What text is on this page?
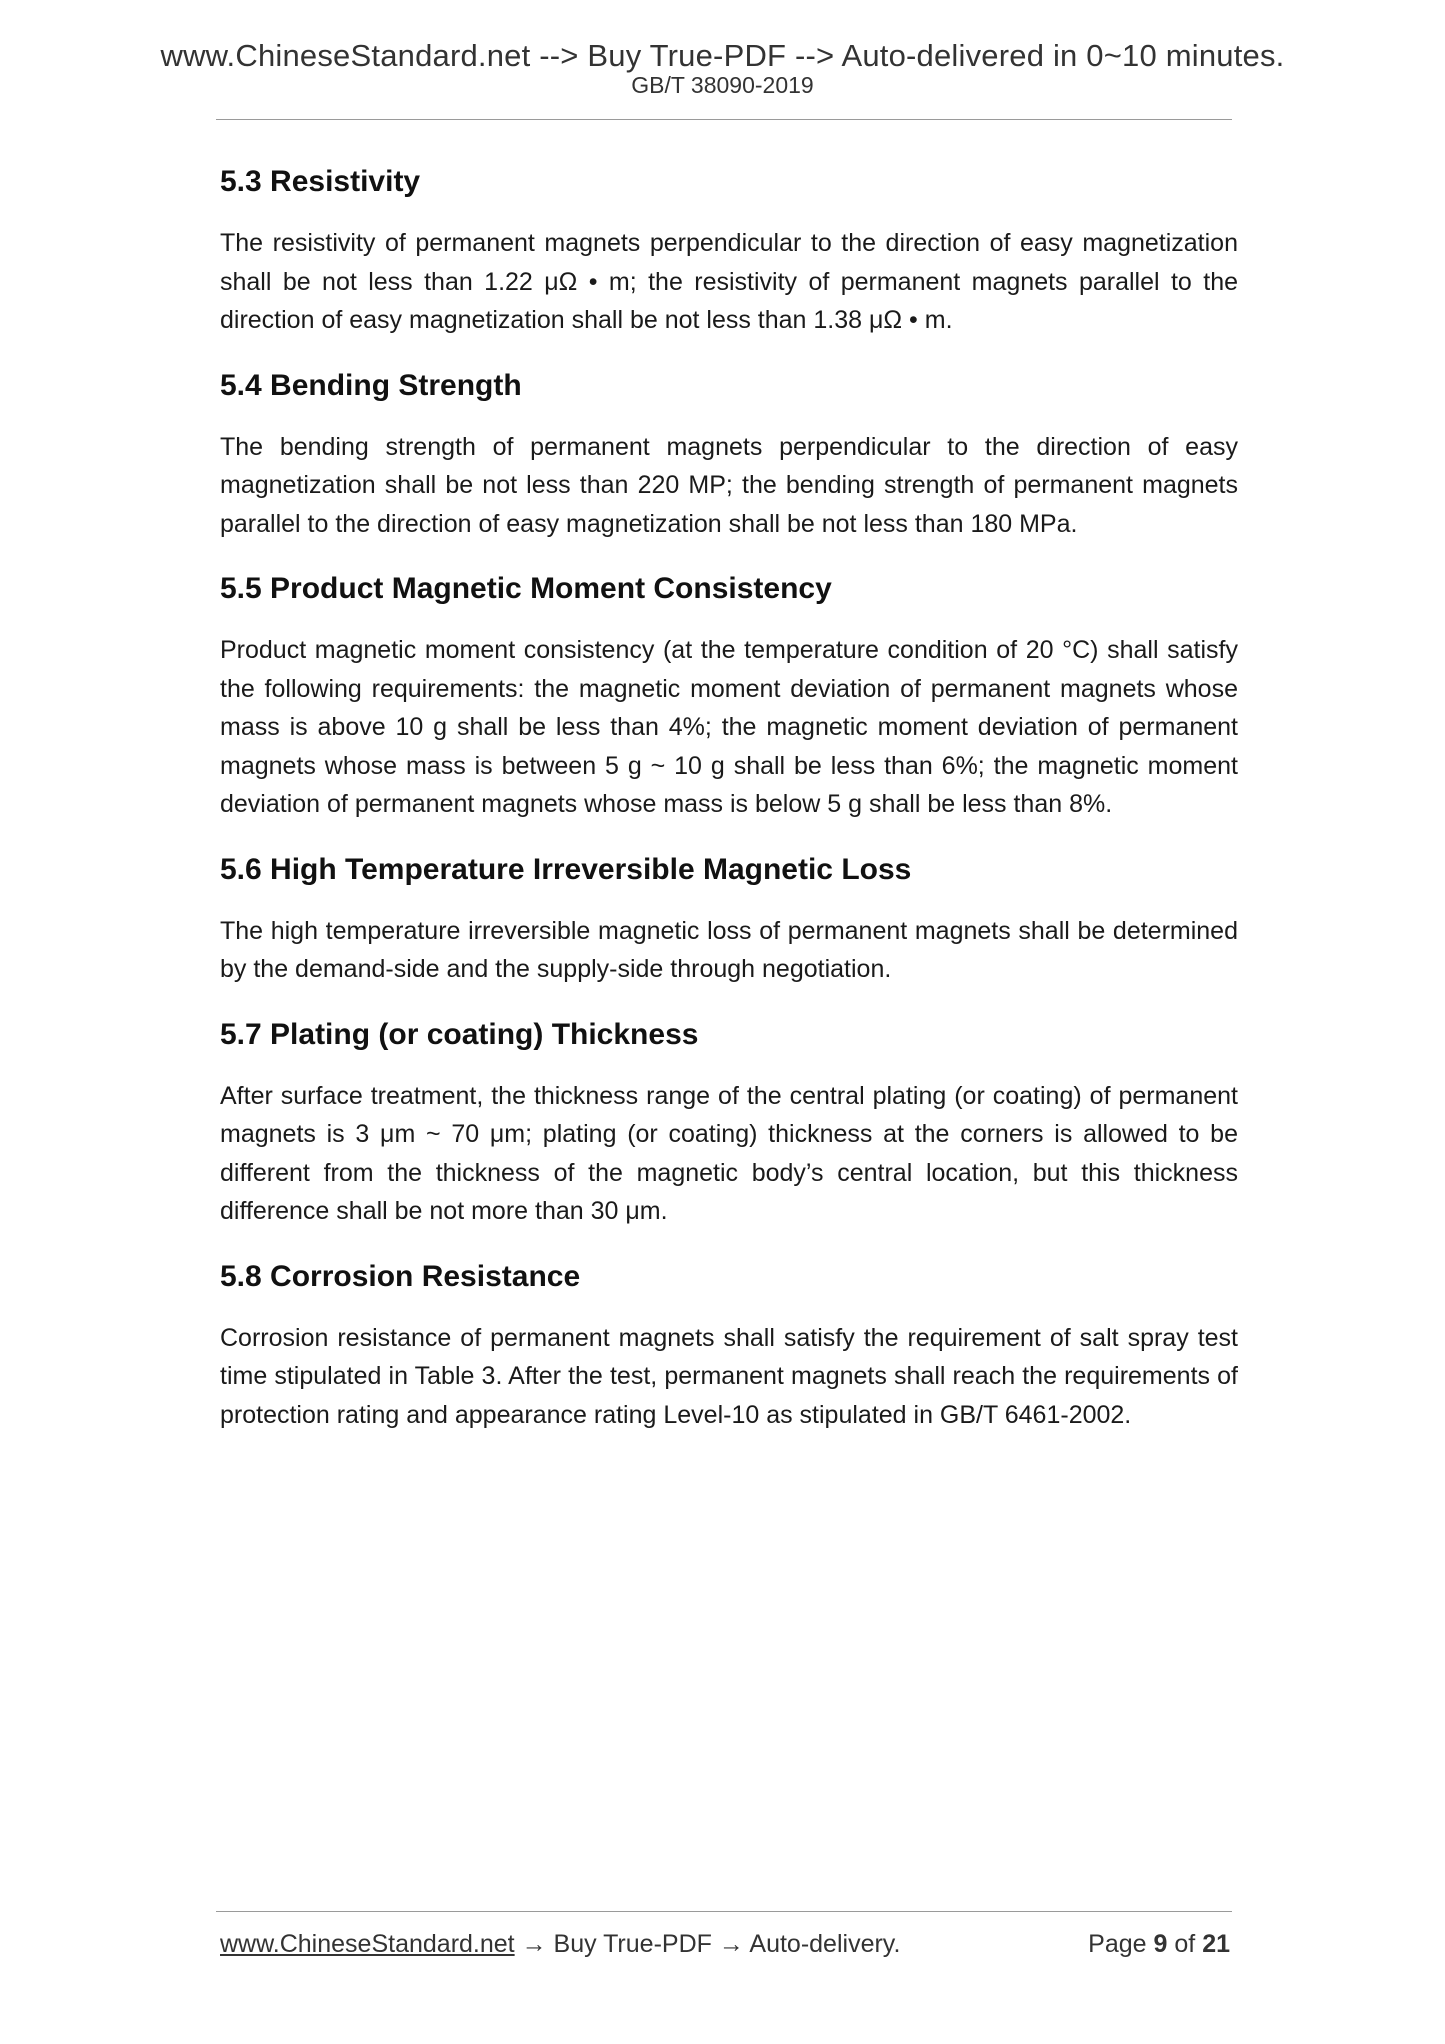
www.ChineseStandard.net --> Buy True-PDF --> Auto-delivered in 0~10 minutes.
GB/T 38090-2019
5.3 Resistivity

The resistivity of permanent magnets perpendicular to the direction of easy magnetization shall be not less than 1.22 μΩ • m; the resistivity of permanent magnets parallel to the direction of easy magnetization shall be not less than 1.38 μΩ • m.

5.4 Bending Strength

The bending strength of permanent magnets perpendicular to the direction of easy magnetization shall be not less than 220 MP; the bending strength of permanent magnets parallel to the direction of easy magnetization shall be not less than 180 MPa.

5.5 Product Magnetic Moment Consistency

Product magnetic moment consistency (at the temperature condition of 20 °C) shall satisfy the following requirements: the magnetic moment deviation of permanent magnets whose mass is above 10 g shall be less than 4%; the magnetic moment deviation of permanent magnets whose mass is between 5 g ~ 10 g shall be less than 6%; the magnetic moment deviation of permanent magnets whose mass is below 5 g shall be less than 8%.

5.6 High Temperature Irreversible Magnetic Loss

The high temperature irreversible magnetic loss of permanent magnets shall be determined by the demand-side and the supply-side through negotiation.

5.7 Plating (or coating) Thickness

After surface treatment, the thickness range of the central plating (or coating) of permanent magnets is 3 μm ~ 70 μm; plating (or coating) thickness at the corners is allowed to be different from the thickness of the magnetic body’s central location, but this thickness difference shall be not more than 30 μm.

5.8 Corrosion Resistance

Corrosion resistance of permanent magnets shall satisfy the requirement of salt spray test time stipulated in Table 3. After the test, permanent magnets shall reach the requirements of protection rating and appearance rating Level-10 as stipulated in GB/T 6461-2002.

www.ChineseStandard.net → Buy True-PDF → Auto-delivery.	Page 9 of 21
